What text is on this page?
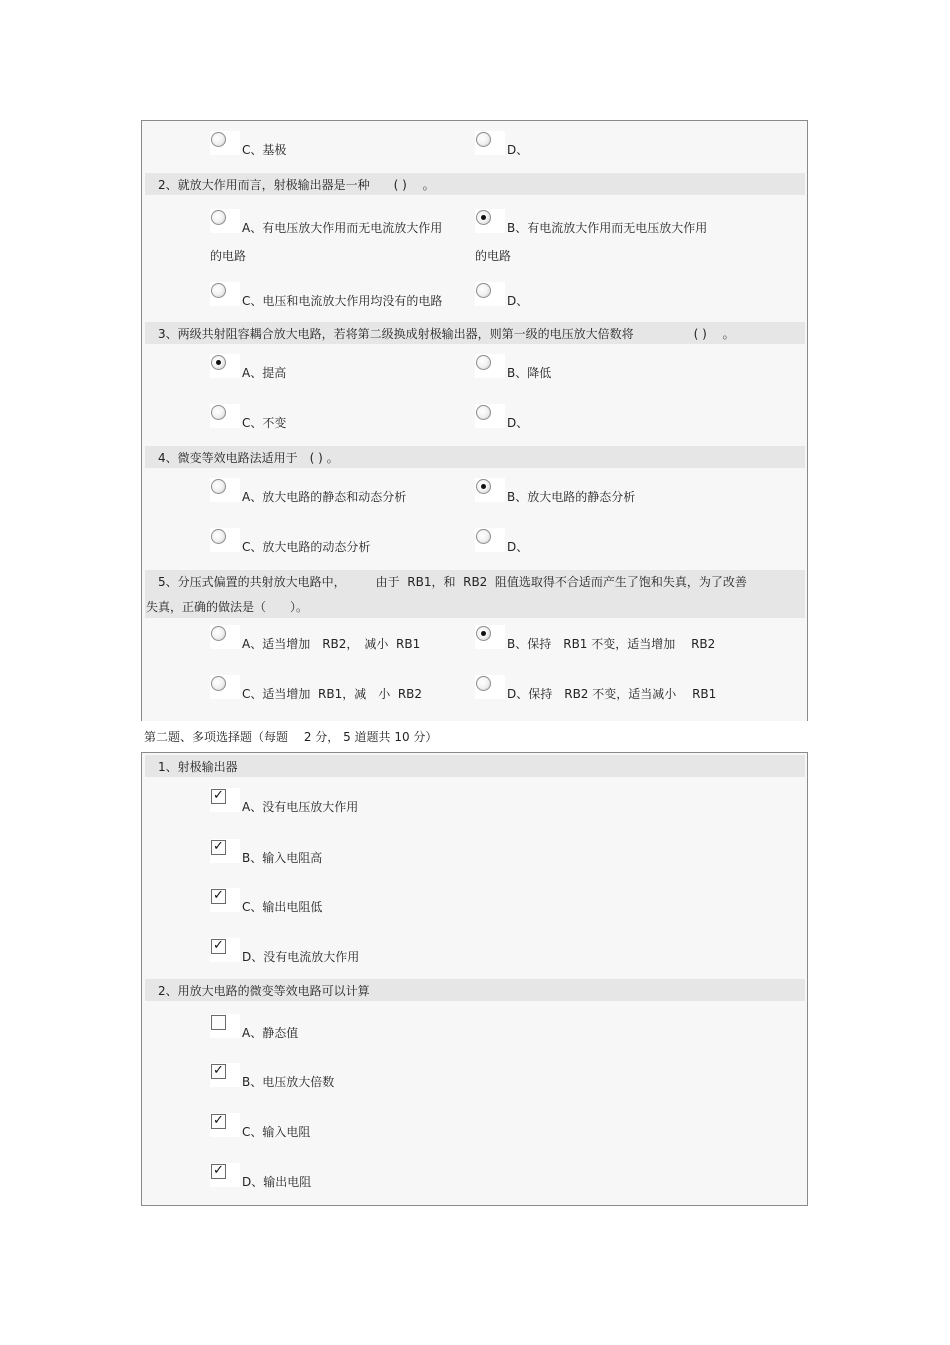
C、基极	D、
2、就放大作用而言，射极输出器是一种　　( ) 　。
A、有电压放大作用而无电流放大作用
的电路
B、有电流放大作用而无电压放大作用
的电路
C、电压和电流放大作用均没有的电路	D、
3、两级共射阻容耦合放大电路，若将第二级换成射极输出器，则第一级的电压放大倍数将　　　　　( ) 　。
A、提高	B、降低
C、不变	D、
4、微变等效电路法适用于　( ) 。
A、放大电路的静态和动态分析	B、放大电路的静态分析
C、放大电路的动态分析	D、
5、分压式偏置的共射放大电路中，　　　由于  RB1，和  RB2  阻值选取得不合适而产生了饱和失真，为了改善
失真，正确的做法是（　　）。
A、适当增加　RB2，　减小  RB1	B、保持　RB1 不变，适当增加　 RB2
C、适当增加  RB1，减　小  RB2	D、保持　RB2 不变，适当减小　 RB1
第二题、多项选择题（每题　 2 分， 5 道题共 10 分）
1、射极输出器
✓
A、没有电压放大作用
✓
B、输入电阻高
✓
C、输出电阻低
✓
D、没有电流放大作用
2、用放大电路的微变等效电路可以计算
A、静态值
✓
B、电压放大倍数
✓
C、输入电阻
✓
D、输出电阻
